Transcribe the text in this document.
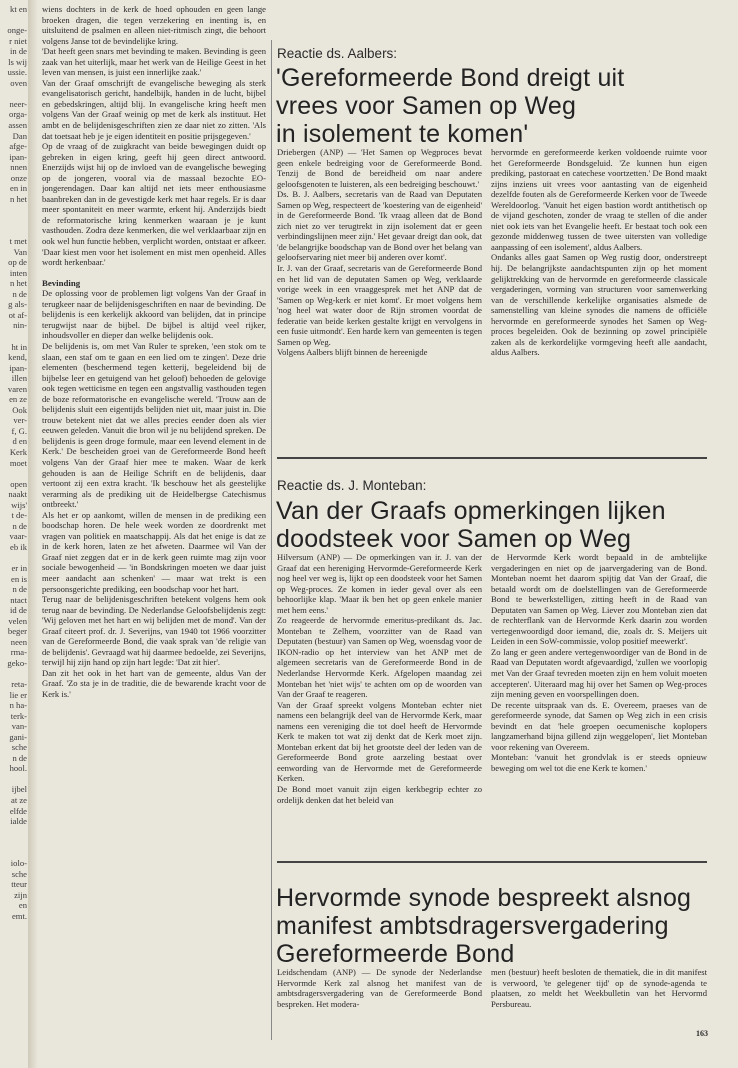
kt en
onge-
r niet
in de
ls wij
ussie.
oven
neer-
orga-
assen
Dan
afge-
ipan-
nnen
onze
en in
n het
t met
Van
op de
inten
n het
n de
g als-
ot af-
nin-
ht in
kend,
ipan-
illen
varen
en ze
Ook
ver-
f, G.
d en
Kerk
moet
open
naakt
wijs'
t de-
n de
vaar-
eb ik
er in
en is
n de
ntact
id de
velen
beger
neen
rma-
geko-
reta-
lie er
n ha-
terk-
van-
gani-
sche
n de
hool.
ijbel
at ze
elfde
ialde
iolo-
sche
tteur
zijn
en
emt.

wiens dochters in de kerk de hoed ophouden en geen lange broeken dragen, die tegen verzekering en inenting is, en uitsluitend de psalmen en alleen niet-ritmisch zingt, die behoort volgens Janse tot de bevindelijke kring.

'Dat heeft geen snars met bevinding te maken. Bevinding is geen zaak van het uiterlijk, maar het werk van de Heilige Geest in het leven van mensen, is juist een innerlijke zaak.'

Van der Graaf omschrijft de evangelische beweging als sterk evangelisatorisch gericht, handelbijk, handen in de lucht, bijbel en gebedskringen, altijd blij. In evangelische kring heeft men volgens Van der Graaf weinig op met de kerk als instituut. Het ambt en de belijdenisgeschriften zien ze daar niet zo zitten. 'Als dat toetsaat heb je je eigen identiteit en positie prijsgegeven.'

Op de vraag of de zuigkracht van beide bewegingen duidt op gebreken in eigen kring, geeft hij geen direct antwoord. Enerzijds wijst hij op de invloed van de evangelische beweging op de jongeren, vooral via de massaal bezochte EO-jongerendagen. Daar kan altijd net iets meer enthousiasme baanbreken dan in de gevestigde kerk met haar regels. Er is daar meer spontaniteit en meer warmte, erkent hij. Anderzijds biedt de reformatorische kring kenmerken waaraan je je kunt vasthouden. Zodra deze kenmerken, die wel verklaarbaar zijn en ook wel hun functie hebben, verplicht worden, ontstaat er afkeer. 'Daar kiest men voor het isolement en mist men openheid. Alles wordt herkenbaar.'

Bevinding

De oplossing voor de problemen ligt volgens Van der Graaf in terugkeer naar de belijdenisgeschriften en naar de bevinding. De belijdenis is een kerkelijk akkoord van belijden, dat in principe terugwijst naar de bijbel. De bijbel is altijd veel rijker, inhoudsvoller en dieper dan welke belijdenis ook.

De belijdenis is, om met Van Ruler te spreken, 'een stok om te slaan, een staf om te gaan en een lied om te zingen'. Deze drie elementen (beschermend tegen ketterij, begeleidend bij de bijbelse leer en getuigend van het geloof) behoeden de gelovige ook tegen wetticisme en tegen een angstvallig vasthouden tegen de boze reformatorische en evangelische wereld. 'Trouw aan de belijdenis sluit een eigentijds belijden niet uit, maar juist in. Die trouw betekent niet dat we alles precies eender doen als vier eeuwen geleden. Vanuit die bron wil je nu belijdend spreken. De belijdenis is geen droge formule, maar een levend element in de Kerk.' De bescheiden groei van de Gereformeerde Bond heeft volgens Van der Graaf hier mee te maken. Waar de kerk gehouden is aan de Heilige Schrift en de belijdenis, daar vertoont zij een extra kracht. 'Ik beschouw het als geestelijke verarming als de prediking uit de Heidelbergse Catechismus ontbreekt.'

Als het er op aankomt, willen de mensen in de prediking een boodschap horen. De hele week worden ze doordrenkt met vragen van politiek en maatschappij. Als dat het enige is dat ze in de kerk horen, laten ze het afweten. Daarmee wil Van der Graaf niet zeggen dat er in de kerk geen ruimte mag zijn voor sociale bewogenheid — 'in Bondskringen moeten we daar juist meer aandacht aan schenken' — maar wat trekt is een persoonsgerichte prediking, een boodschap voor het hart.

Terug naar de belijdenisgeschriften betekent volgens hem ook terug naar de bevinding. De Nederlandse Geloofsbelijdenis zegt: 'Wij geloven met het hart en wij belijden met de mond'. Van der Graaf citeert prof. dr. J. Severijns, van 1940 tot 1966 voorzitter van de Gereformeerde Bond, die vaak sprak van 'de religie van de belijdenis'. Gevraagd wat hij daarmee bedoelde, zei Severijns, terwijl hij zijn hand op zijn hart legde: 'Dat zit hier'.

Dan zit het ook in het hart van de gemeente, aldus Van der Graaf. 'Zo sta je in de traditie, die de bewarende kracht voor de Kerk is.'

Reactie ds. Aalbers:
'Gereformeerde Bond dreigt uit
vrees voor Samen op Weg
in isolement te komen'

Driebergen (ANP) — 'Het Samen op Wegproces bevat geen enkele bedreiging voor de Gereformeerde Bond. Tenzij de Bond de bereidheid om naar andere geloofsgenoten te luisteren, als een bedreiging beschouwt.'

Ds. B. J. Aalbers, secretaris van de Raad van Deputaten Samen op Weg, respecteert de 'koestering van de eigenheid' in de Gereformeerde Bond. 'Ik vraag alleen dat de Bond zich niet zo ver terugtrekt in zijn isolement dat er geen verbindingslijnen meer zijn.' Het gevaar dreigt dan ook, dat 'de belangrijke boodschap van de Bond over het belang van geloofservaring niet meer bij anderen over komt'.

Ir. J. van der Graaf, secretaris van de Gereformeerde Bond en het lid van de deputaten Samen op Weg, verklaarde vorige week in een vraaggesprek met het ANP dat de 'Samen op Weg-kerk er niet komt'. Er moet volgens hem 'nog heel wat water door de Rijn stromen voordat de federatie van beide kerken gestalte krijgt en vervolgens in een fusie uitmondt'. Een harde kern van gemeenten is tegen Samen op Weg.

Volgens Aalbers blijft binnen de hereenigde

hervormde en gereformeerde kerken voldoende ruimte voor het Gereformeerde Bondsgeluid. 'Ze kunnen hun eigen prediking, pastoraat en catechese voortzetten.' De Bond maakt zijns inziens uit vrees voor aantasting van de eigenheid dezelfde fouten als de Gereformeerde Kerken voor de Tweede Wereldoorlog. 'Vanuit het eigen bastion wordt antithetisch op de vijand geschoten, zonder de vraag te stellen of die ander niet ook iets van het Evangelie heeft. Er bestaat toch ook een gezonde middenweg tussen de twee uitersten van volledige aanpassing of een isolement', aldus Aalbers.

Ondanks alles gaat Samen op Weg rustig door, onderstreept hij. De belangrijkste aandachtspunten zijn op het moment gelijktrekking van de hervormde en gereformeerde classicale vergaderingen, vorming van structuren voor samenwerking van de verschillende kerkelijke organisaties alsmede de samenstelling van kleine synodes die namens de officiële hervormde en gereformeerde synodes het Samen op Weg-proces begeleiden. Ook de bezinning op zowel principiële zaken als de kerkordelijke vormgeving heeft alle aandacht, aldus Aalbers.

Reactie ds. J. Monteban:
Van der Graafs opmerkingen lijken
doodsteek voor Samen op Weg

Hilversum (ANP) — De opmerkingen van ir. J. van der Graaf dat een hereniging Hervormde-Gereformeerde Kerk nog heel ver weg is, lijkt op een doodsteek voor het Samen op Weg-proces. Ze komen in ieder geval over als een behoorlijke klap. 'Maar ik ben het op geen enkele manier met hem eens.'

Zo reageerde de hervormde emeritus-predikant ds. Jac. Monteban te Zelhem, voorzitter van de Raad van Deputaten (bestuur) van Samen op Weg, woensdag voor de IKON-radio op het interview van het ANP met de algemeen secretaris van de Gereformeerde Bond in de Nederlandse Hervormde Kerk. Afgelopen maandag zei Monteban het 'niet wijs' te achten om op de woorden van Van der Graaf te reageren.

Van der Graaf spreekt volgens Monteban echter niet namens een belangrijk deel van de Hervormde Kerk, maar namens een vereniging die tot doel heeft de Hervormde Kerk te maken tot wat zij denkt dat de Kerk moet zijn. Monteban erkent dat bij het grootste deel der leden van de Gereformeerde Bond grote aarzeling bestaat over eenwording van de Hervormde met de Gereformeerde Kerken.

De Bond moet vanuit zijn eigen kerkbegrip echter zo ordelijk denken dat het beleid van

de Hervormde Kerk wordt bepaald in de ambtelijke vergaderingen en niet op de jaarvergadering van de Bond. Monteban noemt het daarom spijtig dat Van der Graaf, die betaald wordt om de doelstellingen van de Gereformeerde Bond te bewerkstelligen, zitting heeft in de Raad van Deputaten van Samen op Weg. Liever zou Monteban zien dat de rechterflank van de Hervormde Kerk daarin zou worden vertegenwoordigd door iemand, die, zoals dr. S. Meijers uit Leiden in een SoW-commissie, volop positief meewerkt'.

Zo lang er geen andere vertegenwoordiger van de Bond in de Raad van Deputaten wordt afgevaardigd, 'zullen we voorlopig met Van der Graaf tevreden moeten zijn en hem voluit moeten accepteren'. Uiteraard mag hij over het Samen op Weg-proces zijn mening geven en voorspellingen doen.

De recente uitspraak van ds. E. Overeem, praeses van de gereformeerde synode, dat Samen op Weg zich in een crisis bevindt en dat 'hele groepen oecumenische koplopers langzamerhand bijna gillend zijn weggelopen', liet Monteban voor rekening van Overeem.

Monteban: 'vanuit het grondvlak is er steeds opnieuw beweging om wel tot die ene Kerk te komen.'

Hervormde synode bespreekt alsnog
manifest ambtsdragersvergadering
Gereformeerde Bond

Leidschendam (ANP) — De synode der Nederlandse Hervormde Kerk zal alsnog het manifest van de ambtsdragersvergadering van de Gereformeerde Bond bespreken. Het modera-

men (bestuur) heeft besloten de thematiek, die in dit manifest is verwoord, 'te gelegener tijd' op de synode-agenda te plaatsen, zo meldt het Weekbulletin van het Hervormd Persbureau.

163
